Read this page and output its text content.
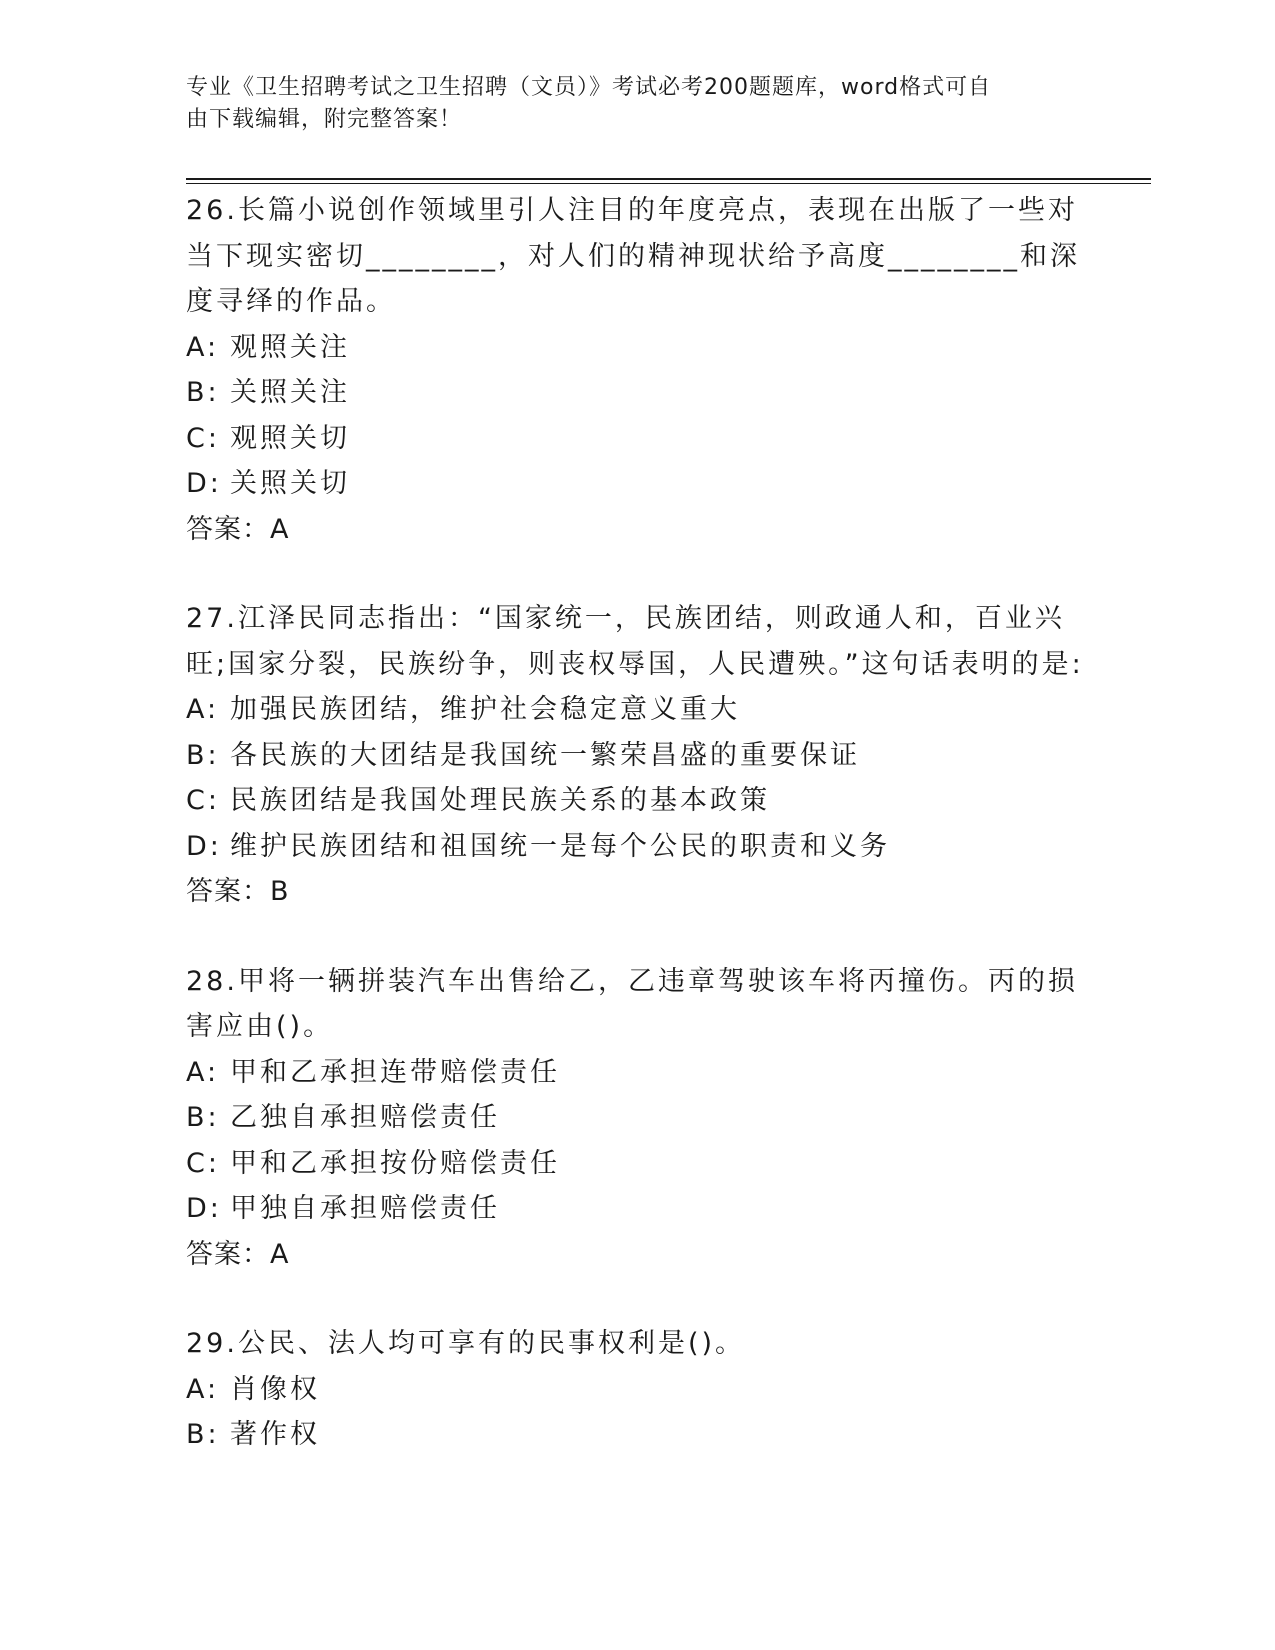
专业《卫生招聘考试之卫生招聘（文员）》考试必考200题题库，word格式可自
由下载编辑，附完整答案！

26.长篇小说创作领域里引人注目的年度亮点，表现在出版了一些对当下现实密切________，对人们的精神现状给予高度________和深度寻绎的作品。

A: 观照关注

B: 关照关注

C: 观照关切

D: 关照关切

答案：A

27.江泽民同志指出：“国家统一，民族团结，则政通人和，百业兴旺;国家分裂，民族纷争，则丧权辱国，人民遭殃。”这句话表明的是:

A: 加强民族团结，维护社会稳定意义重大

B: 各民族的大团结是我国统一繁荣昌盛的重要保证

C: 民族团结是我国处理民族关系的基本政策

D: 维护民族团结和祖国统一是每个公民的职责和义务

答案：B

28.甲将一辆拼装汽车出售给乙，乙违章驾驶该车将丙撞伤。丙的损害应由()。

A: 甲和乙承担连带赔偿责任

B: 乙独自承担赔偿责任

C: 甲和乙承担按份赔偿责任

D: 甲独自承担赔偿责任

答案：A

29.公民、法人均可享有的民事权利是()。

A: 肖像权

B: 著作权
